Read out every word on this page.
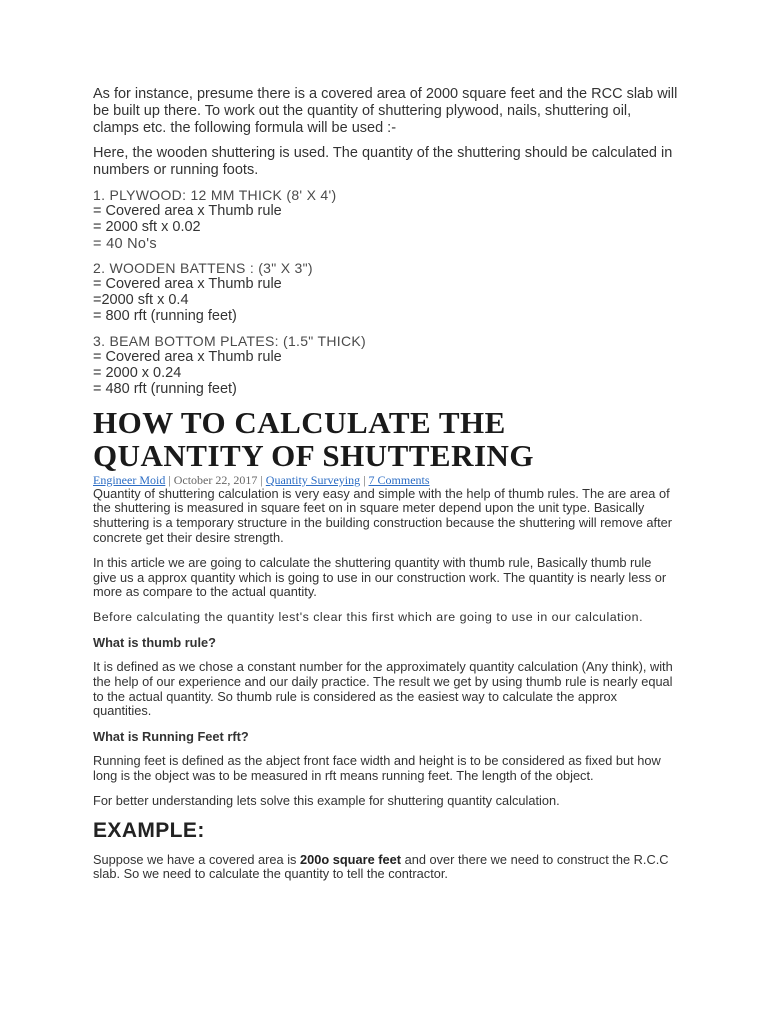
As for instance, presume there is a covered area of 2000 square feet and the RCC slab will be built up there. To work out the quantity of shuttering plywood, nails, shuttering oil, clamps etc. the following formula will be used :-

Here, the wooden shuttering is used. The quantity of the shuttering should be calculated in numbers or running foots.

1. PLYWOOD: 12 MM THICK (8' X 4')
= Covered area x Thumb rule
= 2000 sft x 0.02
= 40 No's
2. WOODEN BATTENS : (3" X 3")
= Covered area x Thumb rule
=2000 sft x 0.4
= 800 rft (running feet)
3. BEAM BOTTOM PLATES: (1.5" THICK)
= Covered area x Thumb rule
= 2000 x 0.24
= 480 rft (running feet)
HOW TO CALCULATE THE QUANTITY OF SHUTTERING
Engineer Moid | October 22, 2017 | Quantity Surveying | 7 Comments

Quantity of shuttering calculation is very easy and simple with the help of thumb rules. The are area of the shuttering is measured in square feet on in square meter depend upon the unit type. Basically shuttering is a temporary structure in the building construction because the shuttering will remove after concrete get their desire strength.

In this article we are going to calculate the shuttering quantity with thumb rule, Basically thumb rule give us a approx quantity which is going to use in our construction work. The quantity is nearly less or more as compare to the actual quantity.

Before calculating the quantity lest's clear this first which are going to use in our calculation.

What is thumb rule?

It is defined as we chose a constant number for the approximately quantity calculation (Any think), with the help of our experience and our daily practice. The result we get by using thumb rule is nearly equal to the actual quantity. So thumb rule is considered as the easiest way to calculate the approx quantities.

What is Running Feet rft?

Running feet is defined as the abject front face width and height is to be considered as fixed but how long is the object was to be measured in rft means running feet. The length of the object.

For better understanding lets solve this example for shuttering quantity calculation.

EXAMPLE:

Suppose we have a covered area is 200o square feet and over there we need to construct the R.C.C slab. So we need to calculate the quantity to tell the contractor.
